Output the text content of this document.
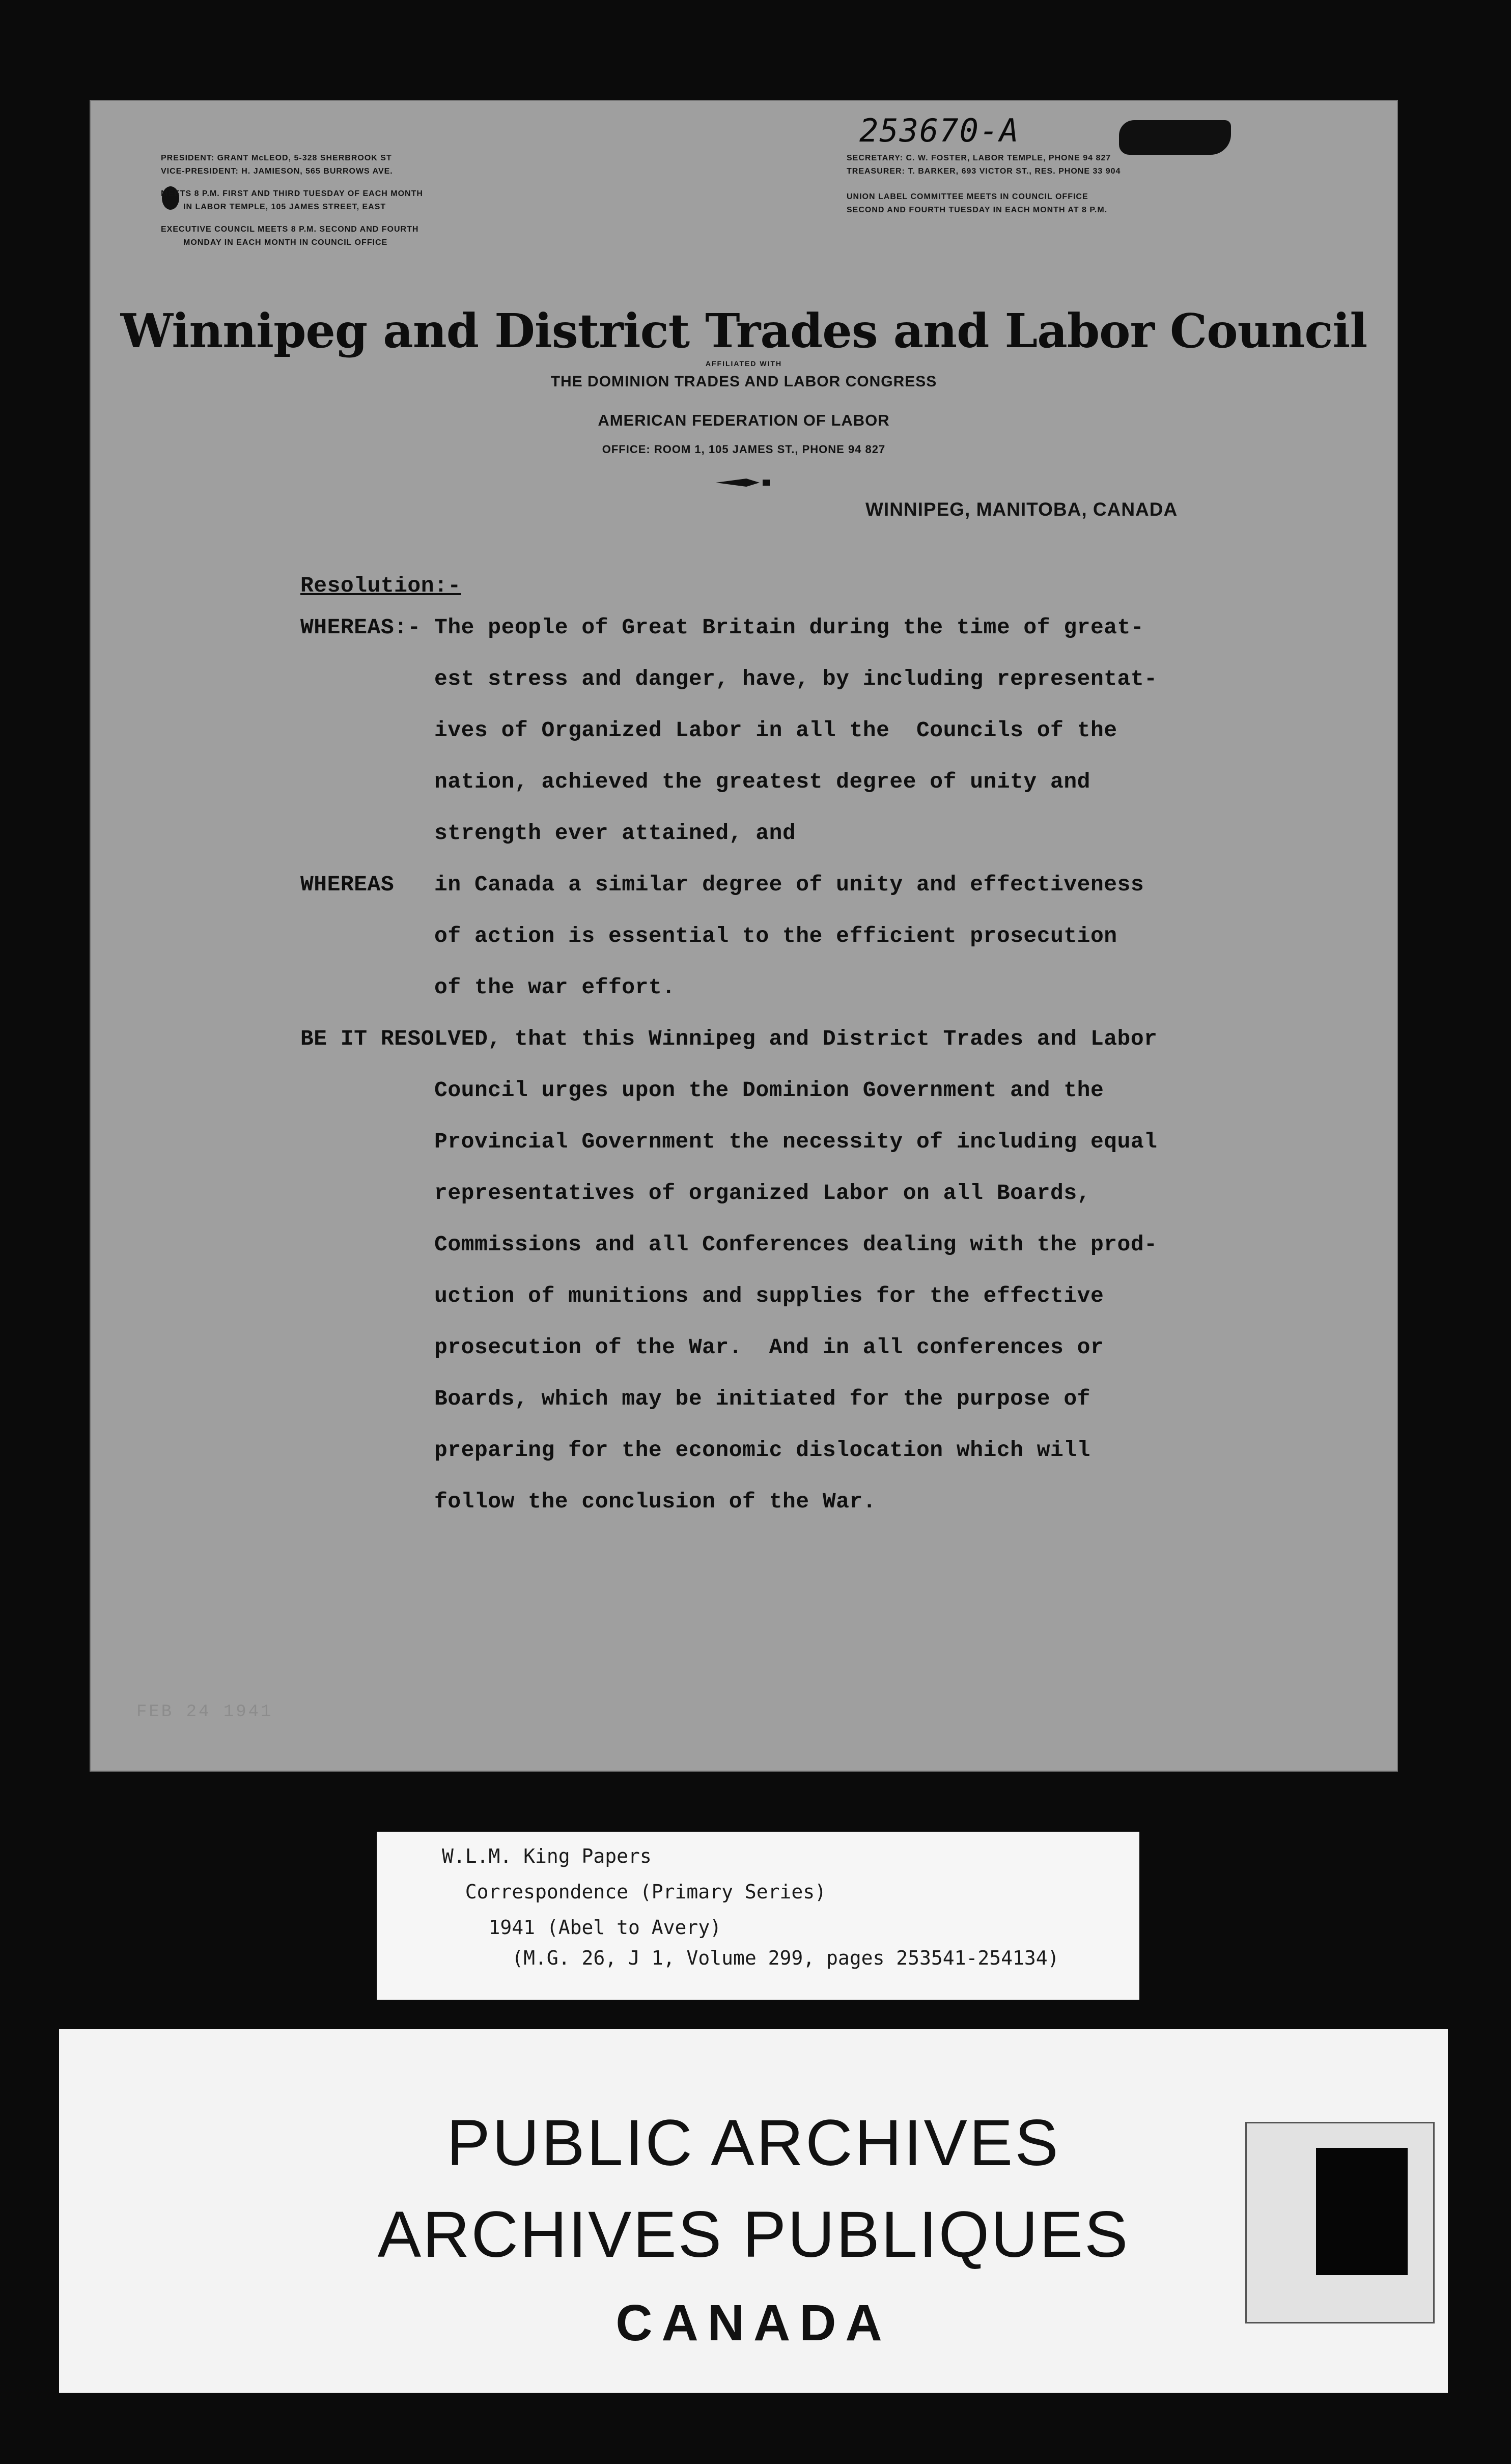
253670-A
PRESIDENT: GRANT McLEOD, 5-328 SHERBROOK ST
VICE-PRESIDENT: H. JAMIESON, 565 BURROWS AVE.
MEETS 8 P.M. FIRST AND THIRD TUESDAY OF EACH MONTH
IN LABOR TEMPLE, 105 JAMES STREET, EAST
EXECUTIVE COUNCIL MEETS 8 P.M. SECOND AND FOURTH
MONDAY IN EACH MONTH IN COUNCIL OFFICE
SECRETARY: C. W. FOSTER, LABOR TEMPLE, PHONE 94 827
TREASURER: T. BARKER, 693 VICTOR ST., RES. PHONE 33 904
UNION LABEL COMMITTEE MEETS IN COUNCIL OFFICE
SECOND AND FOURTH TUESDAY IN EACH MONTH AT 8 P.M.
Winnipeg and District Trades and Labor Council
AFFILIATED WITH
THE DOMINION TRADES AND LABOR CONGRESS
AMERICAN FEDERATION OF LABOR
OFFICE: ROOM 1, 105 JAMES ST., PHONE 94 827
WINNIPEG, MANITOBA, CANADA
Resolution:-
WHEREAS:- The people of Great Britain during the time of great-
est stress and danger, have, by including representat-
ives of Organized Labor in all the  Councils of the
nation, achieved the greatest degree of unity and
strength ever attained, and
WHEREAS   in Canada a similar degree of unity and effectiveness
of action is essential to the efficient prosecution
of the war effort.
BE IT RESOLVED, that this Winnipeg and District Trades and Labor
Council urges upon the Dominion Government and the
Provincial Government the necessity of including equal
representatives of organized Labor on all Boards,
Commissions and all Conferences dealing with the prod-
uction of munitions and supplies for the effective
prosecution of the War.  And in all conferences or
Boards, which may be initiated for the purpose of
preparing for the economic dislocation which will
follow the conclusion of the War.
FEB 24 1941
W.L.M. King Papers
Correspondence (Primary Series)
1941 (Abel to Avery)
(M.G. 26, J 1, Volume 299, pages 253541-254134)
PUBLIC ARCHIVES
ARCHIVES PUBLIQUES
CANADA
